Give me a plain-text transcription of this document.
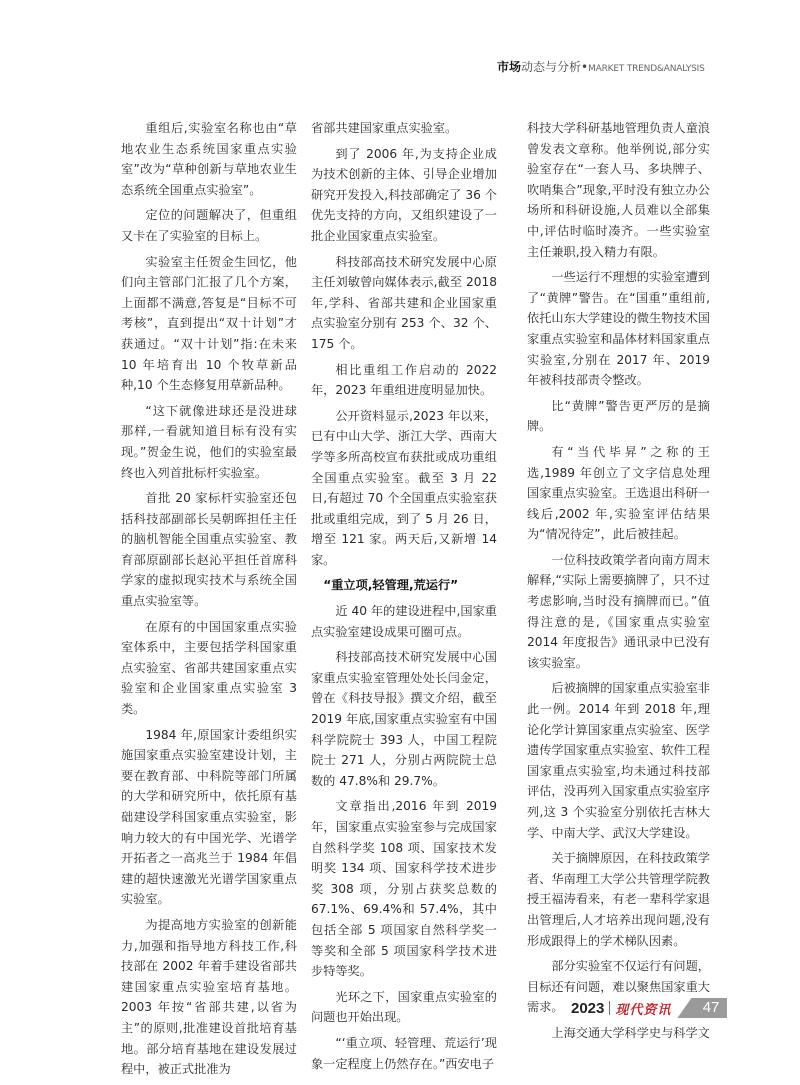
市场动态与分析•MARKET TREND&ANALYSIS

重组后,实验室名称也由“草地农业生态系统国家重点实验室”改为“草种创新与草地农业生态系统全国重点实验室”。

定位的问题解决了，但重组又卡在了实验室的目标上。

实验室主任贺金生回忆，他们向主管部门汇报了几个方案，上面都不满意,答复是“目标不可考核”，直到提出“双十计划”才获通过。“双十计划”指:在未来 10 年培育出 10 个牧草新品种,10 个生态修复用草新品种。

“这下就像进球还是没进球那样,一看就知道目标有没有实现。”贺金生说，他们的实验室最终也入列首批标杆实验室。

首批 20 家标杆实验室还包括科技部副部长吴朝晖担任主任的脑机智能全国重点实验室、教育部原副部长赵沁平担任首席科学家的虚拟现实技术与系统全国重点实验室等。

在原有的中国国家重点实验室体系中，主要包括学科国家重点实验室、省部共建国家重点实验室和企业国家重点实验室 3 类。

1984 年,原国家计委组织实施国家重点实验室建设计划，主要在教育部、中科院等部门所属的大学和研究所中，依托原有基础建设学科国家重点实验室，影响力较大的有中国光学、光谱学开拓者之一高兆兰于 1984 年倡建的超快速激光光谱学国家重点实验室。

为提高地方实验室的创新能力,加强和指导地方科技工作,科技部在 2002 年着手建设省部共建国家重点实验室培育基地。2003 年按“省部共建,以省为主”的原则,批准建设首批培育基地。部分培育基地在建设发展过程中，被正式批准为

省部共建国家重点实验室。

到了 2006 年,为支持企业成为技术创新的主体、引导企业增加研究开发投入,科技部确定了 36 个优先支持的方向，又组织建设了一批企业国家重点实验室。

科技部高技术研究发展中心原主任刘敏曾向媒体表示,截至 2018 年,学科、省部共建和企业国家重点实验室分别有 253 个、32 个、175 个。

相比重组工作启动的 2022 年，2023 年重组进度明显加快。

公开资料显示,2023 年以来，已有中山大学、浙江大学、西南大学等多所高校宣布获批或成功重组全国重点实验室。截至 3 月 22 日,有超过 70 个全国重点实验室获批或重组完成，到了 5 月 26 日，增至 121 家。两天后,又新增 14 家。

“重立项,轻管理,荒运行”

近 40 年的建设进程中,国家重点实验室建设成果可圈可点。

科技部高技术研究发展中心国家重点实验室管理处处长闫金定，曾在《科技导报》撰文介绍，截至 2019 年底,国家重点实验室有中国科学院院士 393 人，中国工程院院士 271 人，分别占两院院士总数的 47.8%和 29.7%。

文章指出,2016 年到 2019 年，国家重点实验室参与完成国家自然科学奖 108 项、国家技术发明奖 134 项、国家科学技术进步奖 308 项，分别占获奖总数的 67.1%、69.4%和 57.4%，其中包括全部 5 项国家自然科学奖一等奖和全部 5 项国家科学技术进步特等奖。

光环之下，国家重点实验室的问题也开始出现。

“‘重立项、轻管理、荒运行’现象一定程度上仍然存在。”西安电子

科技大学科研基地管理负责人童浪曾发表文章称。他举例说,部分实验室存在“一套人马、多块牌子、吹哨集合”现象,平时没有独立办公场所和科研设施,人员难以全部集中,评估时临时凑齐。一些实验室主任兼职,投入精力有限。

一些运行不理想的实验室遭到了“黄牌”警告。在“国重”重组前,依托山东大学建设的微生物技术国家重点实验室和晶体材料国家重点实验室,分别在 2017 年、2019 年被科技部责令整改。

比“黄牌”警告更严厉的是摘牌。

有“当代毕昇”之称的王选,1989 年创立了文字信息处理国家重点实验室。王选退出科研一线后,2002 年,实验室评估结果为“情况待定”，此后被挂起。

一位科技政策学者向南方周末解释,“实际上需要摘牌了，只不过考虑影响,当时没有摘牌而已。”值得注意的是,《国家重点实验室 2014 年度报告》通讯录中已没有该实验室。

后被摘牌的国家重点实验室非此一例。2014 年到 2018 年,理论化学计算国家重点实验室、医学遗传学国家重点实验室、软件工程国家重点实验室,均未通过科技部评估，没再列入国家重点实验室序列,这 3 个实验室分别依托吉林大学、中南大学、武汉大学建设。

关于摘牌原因，在科技政策学者、华南理工大学公共管理学院教授王福涛看来，有老一辈科学家退出管理后,人才培养出现问题,没有形成跟得上的学术梯队因素。

部分实验室不仅运行有问题，目标还有问题，难以聚焦国家重大需求。

上海交通大学科学史与科学文

2023 现代资讯 47
